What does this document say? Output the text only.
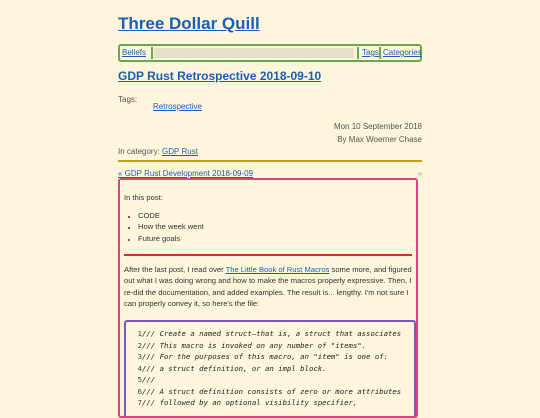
Three Dollar Quill
Beliefs	Tags Categories
GDP Rust Retrospective 2018-09-10
Tags:
Retrospective
Mon 10 September 2018
By Max Woerner Chase
In category: GDP Rust
« GDP Rust Development 2018-09-09	»
In this post:
• CODE
• How the week went
• Future goals
After the last post, I read over The Little Book of Rust Macros some more, and figured out what I was doing wrong and how to make the macros properly expressive. Then, I re-did the documentation, and added examples. The result is... lengthy. I'm not sure I can properly convey it, so here's the file:
1/// Create a named struct—that is, a struct that associates
2/// This macro is invoked on any number of "items".
3/// For the purposes of this macro, an "item" is one of:
4/// a struct definition, or an impl block.
5///
6/// A struct definition consists of zero or more attributes
7/// followed by an optional visibility specifier,
